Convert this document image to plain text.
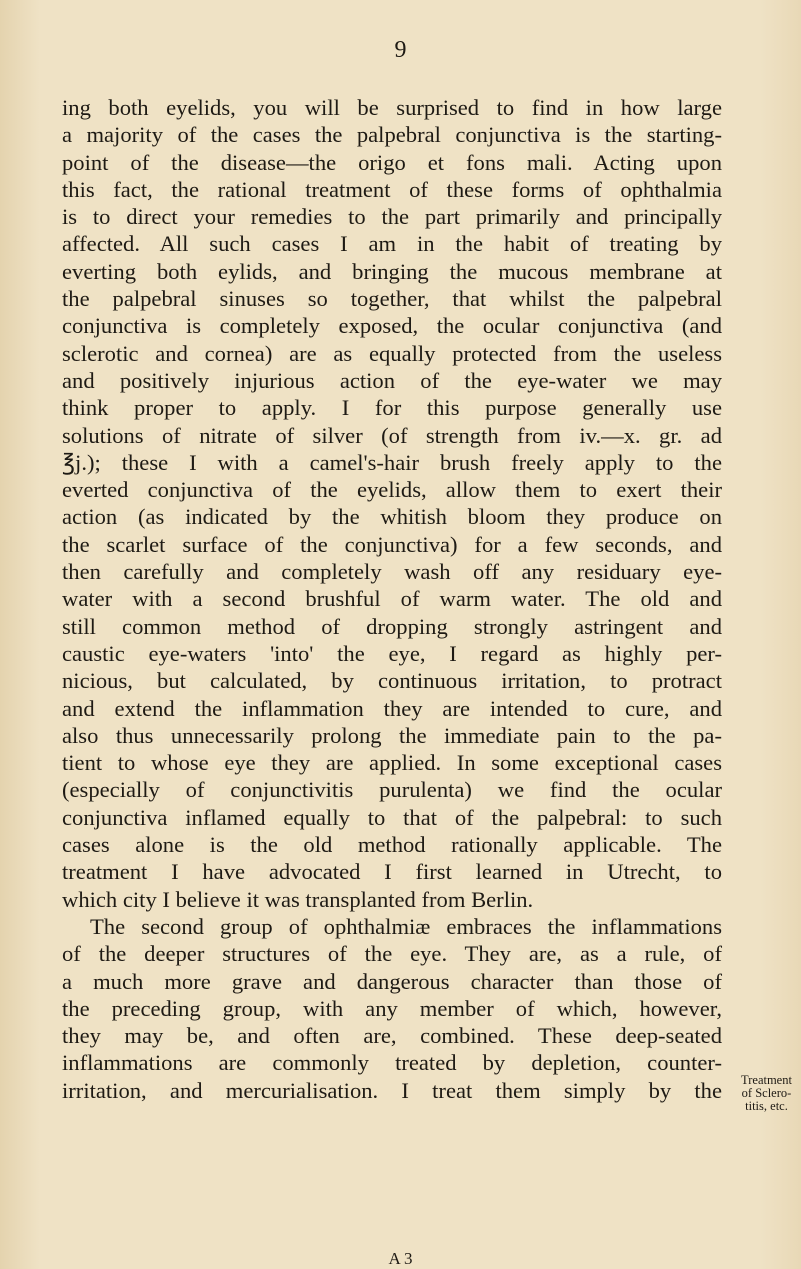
9
ing both eyelids, you will be surprised to find in how large
a majority of the cases the palpebral conjunctiva is the starting-
point of the disease—the origo et fons mali. Acting upon
this fact, the rational treatment of these forms of ophthalmia
is to direct your remedies to the part primarily and principally
affected. All such cases I am in the habit of treating by
everting both eylids, and bringing the mucous membrane at
the palpebral sinuses so together, that whilst the palpebral
conjunctiva is completely exposed, the ocular conjunctiva (and
sclerotic and cornea) are as equally protected from the useless
and positively injurious action of the eye-water we may
think proper to apply. I for this purpose generally use
solutions of nitrate of silver (of strength from iv.—x. gr. ad
℥j.); these I with a camel's-hair brush freely apply to the
everted conjunctiva of the eyelids, allow them to exert their
action (as indicated by the whitish bloom they produce on
the scarlet surface of the conjunctiva) for a few seconds, and
then carefully and completely wash off any residuary eye-
water with a second brushful of warm water. The old and
still common method of dropping strongly astringent and
caustic eye-waters 'into' the eye, I regard as highly per-
nicious, but calculated, by continuous irritation, to protract
and extend the inflammation they are intended to cure, and
also thus unnecessarily prolong the immediate pain to the pa-
tient to whose eye they are applied. In some exceptional cases
(especially of conjunctivitis purulenta) we find the ocular
conjunctiva inflamed equally to that of the palpebral: to such
cases alone is the old method rationally applicable. The
treatment I have advocated I first learned in Utrecht, to
which city I believe it was transplanted from Berlin.
The second group of ophthalmiæ embraces the inflammations
of the deeper structures of the eye. They are, as a rule, of
a much more grave and dangerous character than those of
the preceding group, with any member of which, however,
they may be, and often are, combined. These deep-seated
inflammations are commonly treated by depletion, counter-
irritation, and mercurialisation. I treat them simply by the	Treatment
of Sclero-
titis, etc.
A 3
